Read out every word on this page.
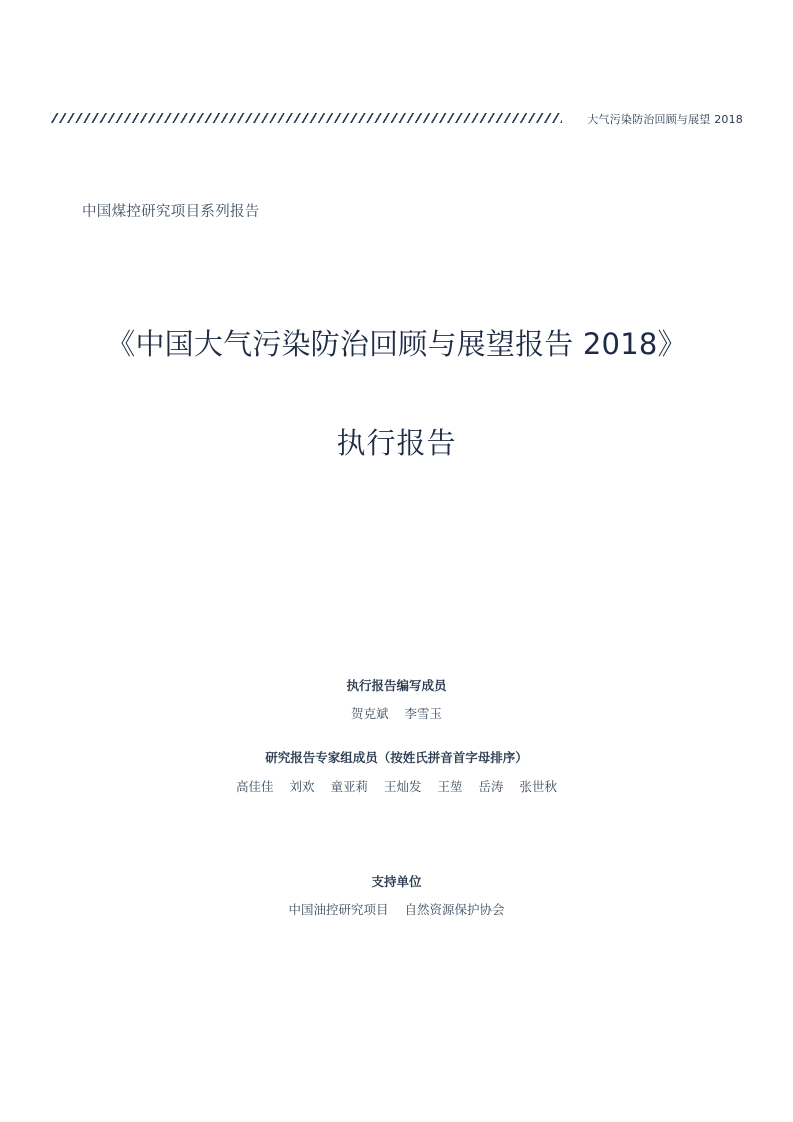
大气污染防治回顾与展望 2018
中国煤控研究项目系列报告
《中国大气污染防治回顾与展望报告 2018》
执行报告
执行报告编写成员
贺克斌 李雪玉
研究报告专家组成员（按姓氏拼音首字母排序）
高佳佳 刘欢 童亚莉 王灿发 王堃 岳涛 张世秋
支持单位
中国油控研究项目 自然资源保护协会
